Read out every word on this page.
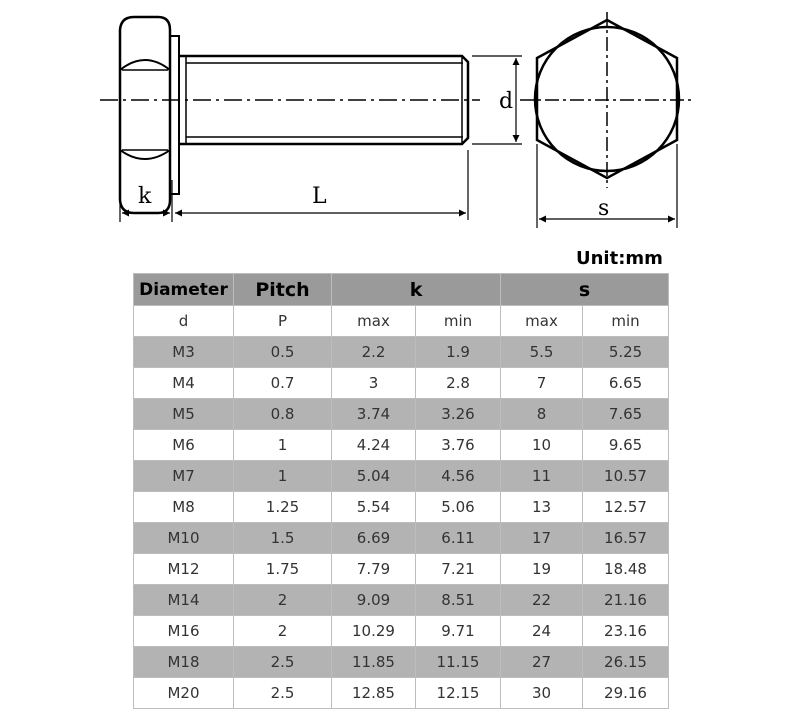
k	L
d
s
Unit:mm
Diameter	Pitch	k		s	
d	P	max	min	max	min
M3	0.5	2.2	1.9	5.5	5.25
M4	0.7	3	2.8	7	6.65
M5	0.8	3.74	3.26	8	7.65
M6	1	4.24	3.76	10	9.65
M7	1	5.04	4.56	11	10.57
M8	1.25	5.54	5.06	13	12.57
M10	1.5	6.69	6.11	17	16.57
M12	1.75	7.79	7.21	19	18.48
M14	2	9.09	8.51	22	21.16
M16	2	10.29	9.71	24	23.16
M18	2.5	11.85	11.15	27	26.15
M20	2.5	12.85	12.15	30	29.16
